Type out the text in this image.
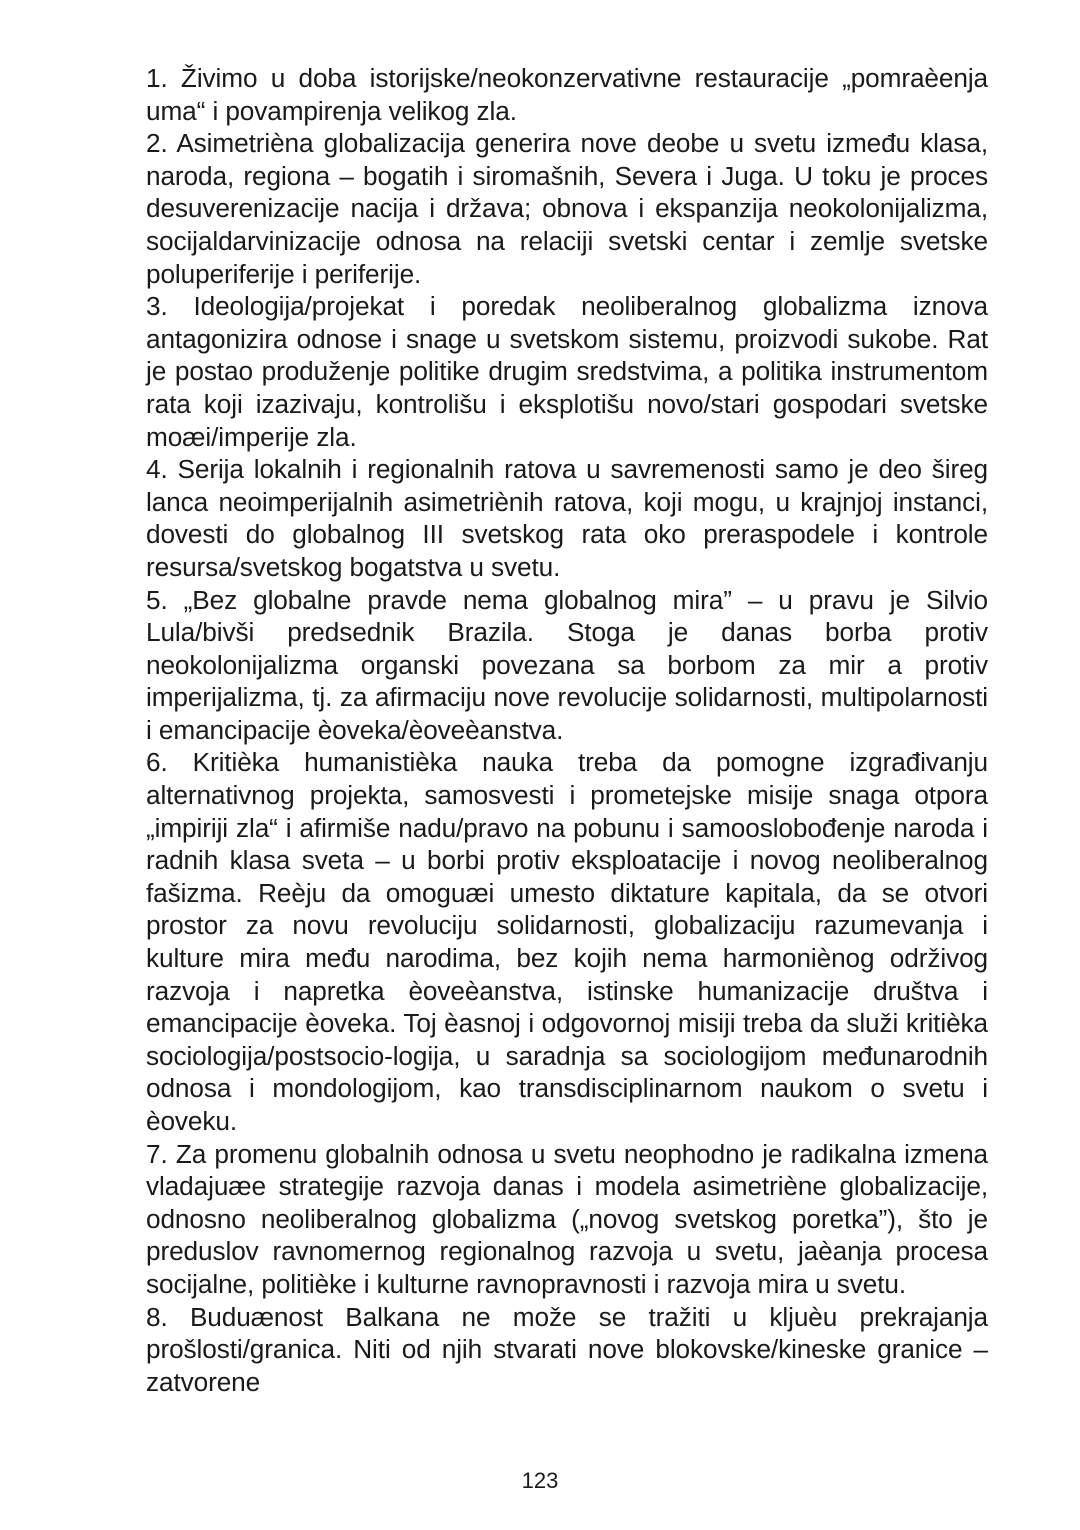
1. Živimo u doba istorijske/neokonzervativne restauracije „pomraèenja uma“ i povampirenja velikog zla.

2. Asimetrièna globalizacija generira nove deobe u svetu između klasa, naroda, regiona – bogatih i siromašnih, Severa i Juga. U toku je proces desuverenizacije nacija i država; obnova i ekspanzija neokolonijalizma, socijaldarvinizacije odnosa na relaciji svetski centar i zemlje svetske poluperiferije i periferije.

3. Ideologija/projekat i poredak neoliberalnog globalizma iznova antagonizira odnose i snage u svetskom sistemu, proizvodi sukobe. Rat je postao produženje politike drugim sredstvima, a politika instrumentom rata koji izazivaju, kontrolišu i eksplotišu novo/stari gospodari svetske moæi/imperije zla.

4. Serija lokalnih i regionalnih ratova u savremenosti samo je deo šireg lanca neoimperijalnih asimetriènih ratova, koji mogu, u krajnjoj instanci, dovesti do globalnog III svetskog rata oko preraspodele i kontrole resursa/svetskog bogatstva u svetu.

5. „Bez globalne pravde nema globalnog mira” – u pravu je Silvio Lula/bivši predsednik Brazila. Stoga je danas borba protiv neokolonijalizma organski povezana sa borbom za mir a protiv imperijalizma, tj. za afirmaciju nove revolucije solidarnosti, multipolarnosti i emancipacije èoveka/èoveèanstva.

6. Kritièka humanistièka nauka treba da pomogne izgrađivanju alternativnog projekta, samosvesti i prometejske misije snaga otpora „impiriji zla“ i afirmiše nadu/pravo na pobunu i samooslobođenje naroda i radnih klasa sveta – u borbi protiv eksploatacije i novog neoliberalnog fašizma. Reèju da omoguæi umesto diktature kapitala, da se otvori prostor za novu revoluciju solidarnosti, globalizaciju razumevanja i kulture mira među narodima, bez kojih nema harmoniènog održivog razvoja i napretka èoveèanstva, istinske humanizacije društva i emancipacije èoveka. Toj èasnoj i odgovornoj misiji treba da služi kritièka sociologija/postsocio-logija, u saradnja sa sociologijom međunarodnih odnosa i mondologijom, kao transdisciplinarnom naukom o svetu i èoveku.

7. Za promenu globalnih odnosa u svetu neophodno je radikalna izmena vladajuæe strategije razvoja danas i modela asimetriène globalizacije, odnosno neoliberalnog globalizma („novog svetskog poretka”), što je preduslov ravnomernog regionalnog razvoja u svetu, jaèanja procesa socijalne, politièke i kulturne ravnopravnosti i razvoja mira u svetu.

8. Buduænost Balkana ne može se tražiti u kljuèu prekrajanja prošlosti/granica. Niti od njih stvarati nove blokovske/kineske granice – zatvorene

123
